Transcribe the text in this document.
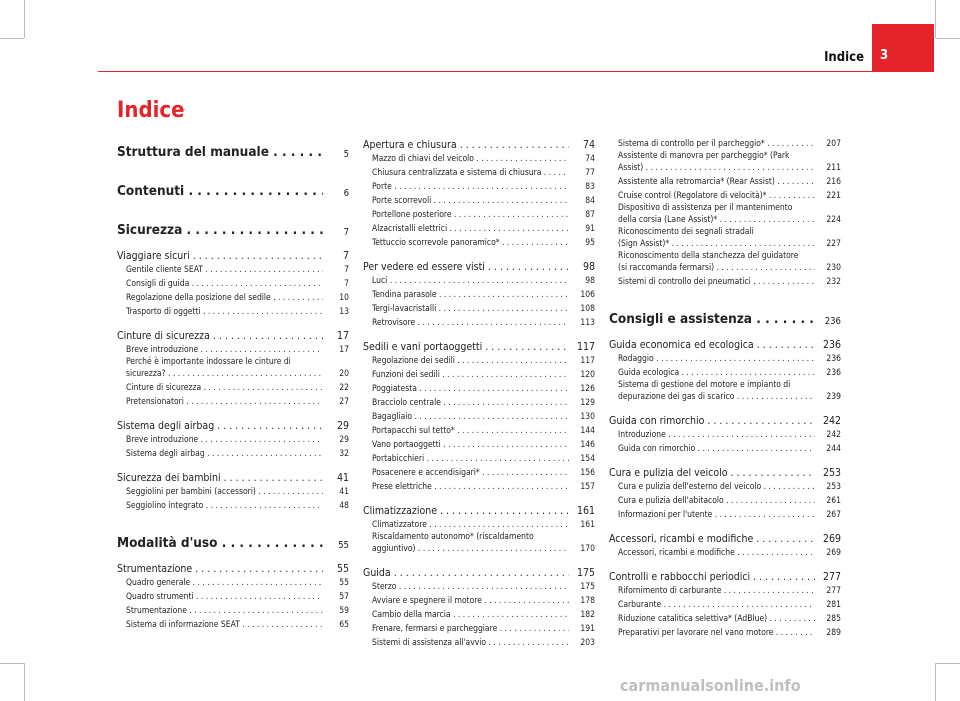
Indice 3
Indice
Struttura del manuale . . .	5
Contenuti . . .	6
Sicurezza . . .	7
Viaggiare sicuri . . .	7
Gentile cliente SEAT . . .	7
Consigli di guida . . .	7
Regolazione della posizione del sedile . . .	10
Trasporto di oggetti . . .	13
Cinture di sicurezza . . .	17
Breve introduzione . . .	17
Perché è importante indossare le cinture di
sicurezza? . . .	20
Cinture di sicurezza . . .	22
Pretensionatori . . .	27
Sistema degli airbag . . .	29
Breve introduzione . . .	29
Sistema degli airbag . . .	32
Sicurezza dei bambini . . .	41
Seggiolini per bambini (accessori) . . .	41
Seggiolino integrato . . .	48
Modalità d'uso . . .	55
Strumentazione . . .	55
Quadro generale . . .	55
Quadro strumenti . . .	57
Strumentazione . . .	59
Sistema di informazione SEAT . . .	65
Apertura e chiusura . . .	74
Mazzo di chiavi del veicolo . . .	74
Chiusura centralizzata e sistema di chiusura . . .	77
Porte . . .	83
Porte scorrevoli . . .	84
Portellone posteriore . . .	87
Alzacristalli elettrici . . .	91
Tettuccio scorrevole panoramico* . . .	95
Per vedere ed essere visti . . .	98
Luci . . .	98
Tendina parasole . . .	106
Tergi-lavacristalli . . .	108
Retrovisore . . .	113
Sedili e vani portaoggetti . . .	117
Regolazione dei sedili . . .	117
Funzioni dei sedili . . .	120
Poggiatesta . . .	126
Bracciolo centrale . . .	129
Bagagliaio . . .	130
Portapacchi sul tetto* . . .	144
Vano portaoggetti . . .	146
Portabicchieri . . .	154
Posacenere e accendisigari* . . .	156
Prese elettriche . . .	157
Climatizzazione . . .	161
Climatizzatore . . .	161
Riscaldamento autonomo* (riscaldamento
aggiuntivo) . . .	170
Guida . . .	175
Sterzo . . .	175
Avviare e spegnere il motore . . .	178
Cambio della marcia . . .	182
Frenare, fermarsi e parcheggiare . . .	191
Sistemi di assistenza all'avvio . . .	203
Sistema di controllo per il parcheggio* . . .	207
Assistente di manovra per parcheggio* (Park
Assist) . . .	211
Assistente alla retromarcia* (Rear Assist) . . .	216
Cruise control (Regolatore di velocità)* . . .	221
Dispositivo di assistenza per il mantenimento
della corsia (Lane Assist)* . . .	224
Riconoscimento dei segnali stradali
(Sign Assist)* . . .	227
Riconoscimento della stanchezza del guidatore
(si raccomanda fermarsi) . . .	230
Sistemi di controllo dei pneumatici . . .	232
Consigli e assistenza . . .	236
Guida economica ed ecologica . . .	236
Rodaggio . . .	236
Guida ecologica . . .	236
Sistema di gestione del motore e impianto di
depurazione dei gas di scarico . . .	239
Guida con rimorchio . . .	242
Introduzione . . .	242
Guida con rimorchio . . .	244
Cura e pulizia del veicolo . . .	253
Cura e pulizia dell'esterno del veicolo . . .	253
Cura e pulizia dell'abitacolo . . .	261
Informazioni per l'utente . . .	267
Accessori, ricambi e modifiche . . .	269
Accessori, ricambi e modifiche . . .	269
Controlli e rabbocchi periodici . . .	277
Rifornimento di carburante . . .	277
Carburante . . .	281
Riduzione catalitica selettiva* (AdBlue) . . .	285
Preparativi per lavorare nel vano motore . . .	289
carmanualsonline.info
